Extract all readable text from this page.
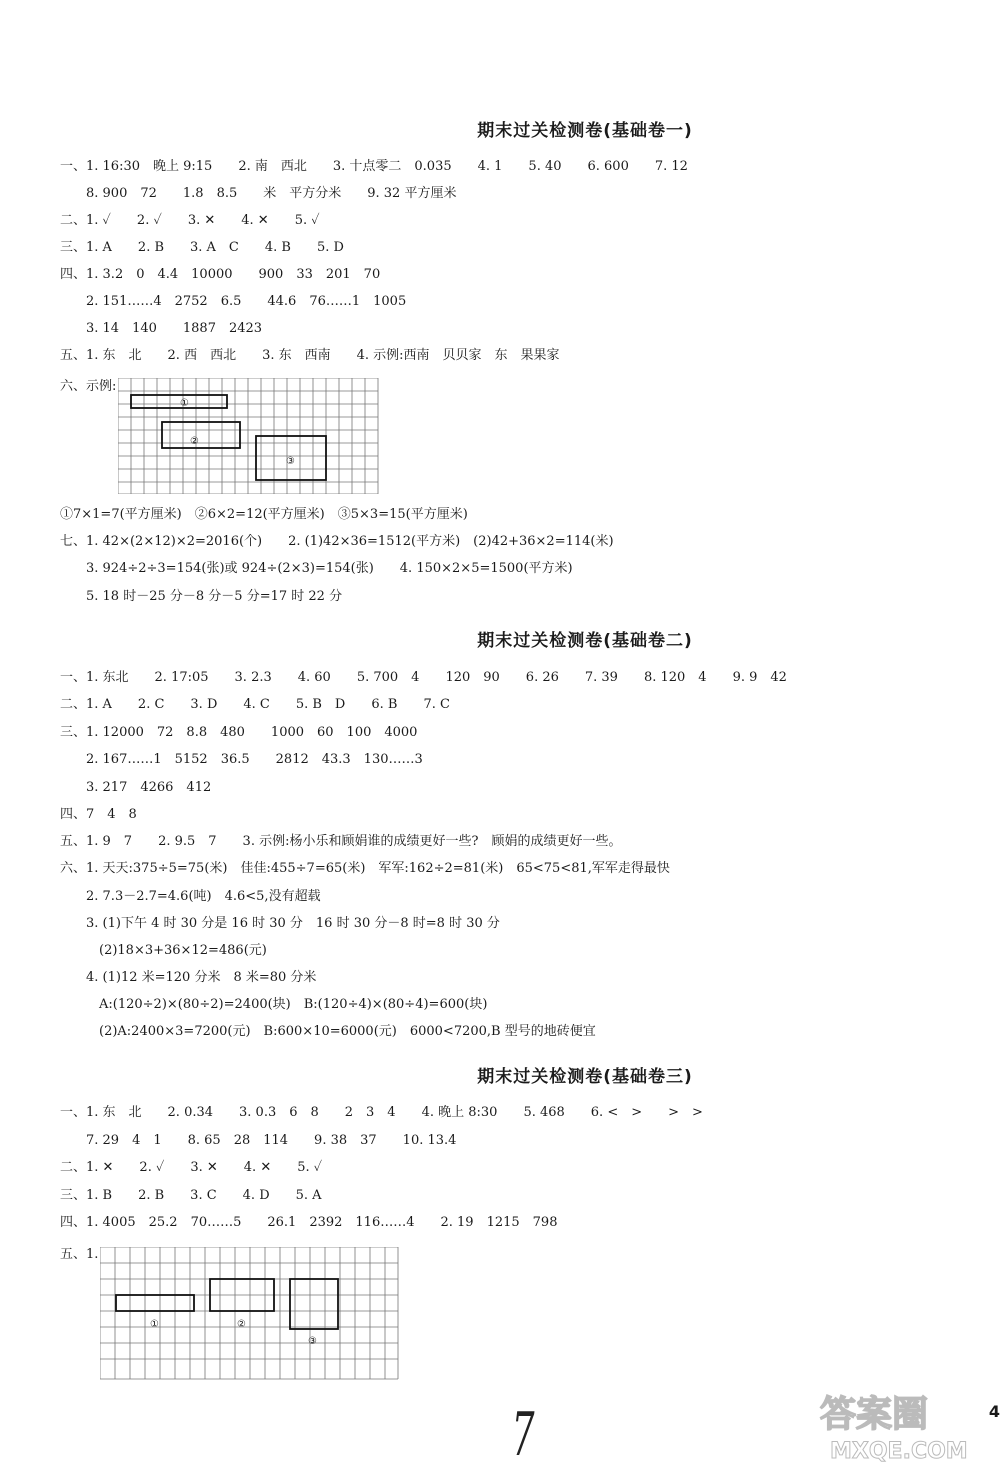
期末过关检测卷(基础卷一)
一、1. 16:30　晚上 9:15　　2. 南　西北　　3. 十点零二　0.035　　4. 1　　5. 40　　6. 600　　7. 12
　　8. 900　72　　1.8　8.5　　米　平方分米　　9. 32 平方厘米
二、1. ✓　　2. ✓　　3. ✕　　4. ✕　　5. ✓
三、1. A　　2. B　　3. A　C　　4. B　　5. D
四、1. 3.2　0　4.4　10000　　900　33　201　70
　　2. 151……4　2752　6.5　　44.6　76……1　1005
　　3. 14　140　　1887　2423
五、1. 东　北　　2. 西　西北　　3. 东　西南　　4. 示例:西南　贝贝家　东　果果家
六、示例:
①
②
③
①7×1=7(平方厘米)　②6×2=12(平方厘米)　③5×3=15(平方厘米)
七、1. 42×(2×12)×2=2016(个)　　2. (1)42×36=1512(平方米)　(2)42+36×2=114(米)
　　3. 924÷2÷3=154(张)或 924÷(2×3)=154(张)　　4. 150×2×5=1500(平方米)
　　5. 18 时－25 分－8 分－5 分=17 时 22 分
期末过关检测卷(基础卷二)
一、1. 东北　　2. 17:05　　3. 2.3　　4. 60　　5. 700　4　　120　90　　6. 26　　7. 39　　8. 120　4　　9. 9　42
二、1. A　　2. C　　3. D　　4. C　　5. B　D　　6. B　　7. C
三、1. 12000　72　8.8　480　　1000　60　100　4000
　　2. 167……1　5152　36.5　　2812　43.3　130……3
　　3. 217　4266　412
四、7　4　8
五、1. 9　7　　2. 9.5　7　　3. 示例:杨小乐和顾娟谁的成绩更好一些?　顾娟的成绩更好一些。
六、1. 天天:375÷5=75(米)　佳佳:455÷7=65(米)　军军:162÷2=81(米)　65<75<81,军军走得最快
　　2. 7.3－2.7=4.6(吨)　4.6<5,没有超载
　　3. (1)下午 4 时 30 分是 16 时 30 分　16 时 30 分－8 时=8 时 30 分
　　　(2)18×3+36×12=486(元)
　　4. (1)12 米=120 分米　8 米=80 分米
　　　A:(120÷2)×(80÷2)=2400(块)　B:(120÷4)×(80÷4)=600(块)
　　　(2)A:2400×3=7200(元)　B:600×10=6000(元)　6000<7200,B 型号的地砖便宜
期末过关检测卷(基础卷三)
一、1. 东　北　　2. 0.34　　3. 0.3　6　8　　2　3　4　　4. 晚上 8:30　　5. 468　　6. <　>　　>　>
　　7. 29　4　1　　8. 65　28　114　　9. 38　37　　10. 13.4
二、1. ✕　　2. ✓　　3. ✕　　4. ✕　　5. ✓
三、1. B　　2. B　　3. C　　4. D　　5. A
四、1. 4005　25.2　70……5　　26.1　2392　116……4　　2. 19　1215　798
五、1.
①	②
③
7	答案圈
MXQE.COM
4
